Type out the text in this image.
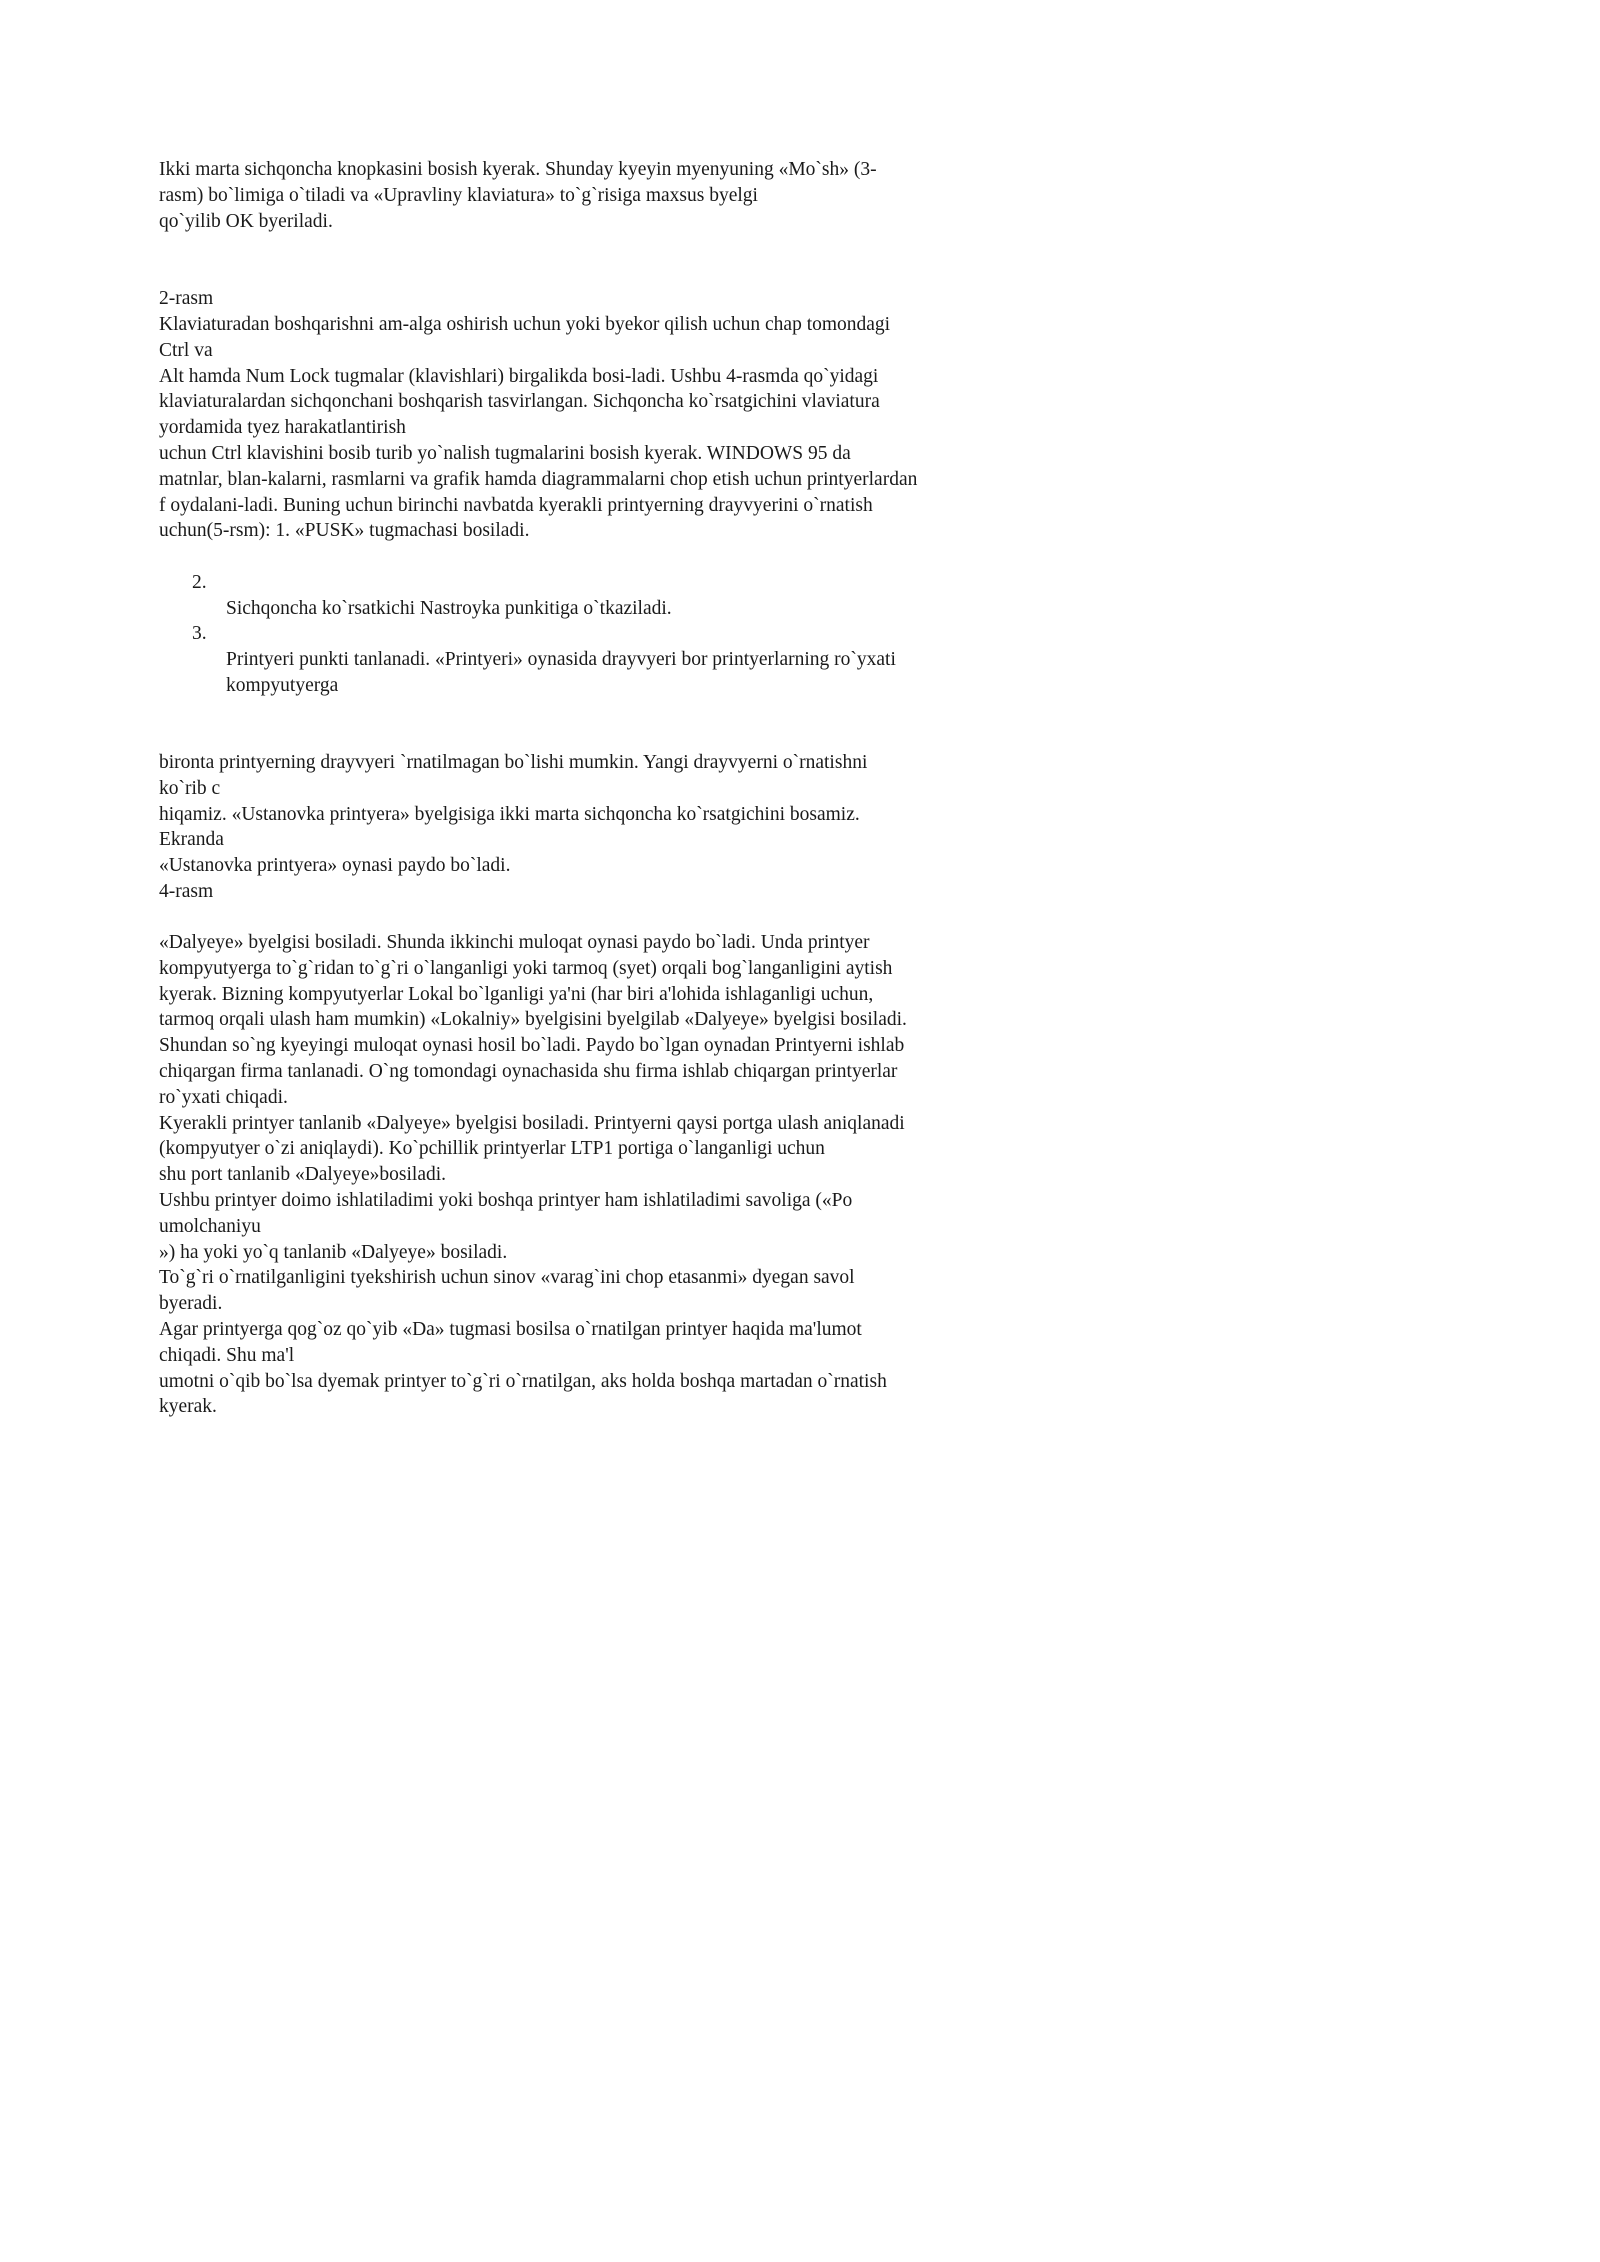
Ikki marta sichqoncha knopkasini bosish kyerak. Shunday kyeyin myenyuning «Mo`sh» (3-
rasm) bo`limiga o`tiladi va «Upravliny klaviatura» to`g`risiga maxsus byelgi
qo`yilib OK byeriladi.
2-rasm
Klaviaturadan boshqarishni am-alga oshirish uchun yoki byekor qilish uchun chap tomondagi
Ctrl va
Alt hamda Num Lock tugmalar (klavishlari) birgalikda bosi-ladi. Ushbu 4-rasmda qo`yidagi
klaviaturalardan sichqonchani boshqarish tasvirlangan. Sichqoncha ko`rsatgichini vlaviatura
yordamida tyez harakatlantirish
uchun Ctrl klavishini bosib turib yo`nalish tugmalarini bosish kyerak. WINDOWS 95 da
matnlar, blan-kalarni, rasmlarni va grafik hamda diagrammalarni chop etish uchun printyerlardan
f oydalani-ladi. Buning uchun birinchi navbatda kyerakli printyerning drayvyerini o`rnatish
uchun(5-rsm): 1. «PUSK» tugmachasi bosiladi.
2.
Sichqoncha ko`rsatkichi Nastroyka punkitiga o`tkaziladi.
3.
Printyeri punkti tanlanadi. «Printyeri» oynasida drayvyeri bor printyerlarning ro`yxati
kompyutyerga
bironta printyerning drayvyeri `rnatilmagan bo`lishi mumkin. Yangi drayvyerni o`rnatishni
ko`rib c
hiqamiz. «Ustanovka printyera» byelgisiga ikki marta sichqoncha ko`rsatgichini bosamiz.
Ekranda
«Ustanovka printyera» oynasi paydo bo`ladi.
4-rasm
«Dalyeye» byelgisi bosiladi. Shunda ikkinchi muloqat oynasi paydo bo`ladi. Unda printyer
kompyutyerga to`g`ridan to`g`ri o`langanligi yoki tarmoq (syet) orqali bog`langanligini aytish
kyerak. Bizning kompyutyerlar Lokal bo`lganligi ya'ni (har biri a'lohida ishlaganligi uchun,
tarmoq orqali ulash ham mumkin) «Lokalniy» byelgisini byelgilab «Dalyeye» byelgisi bosiladi.
Shundan so`ng kyeyingi muloqat oynasi hosil bo`ladi. Paydo bo`lgan oynadan Printyerni ishlab
chiqargan firma tanlanadi. O`ng tomondagi oynachasida shu firma ishlab chiqargan printyerlar
ro`yxati chiqadi.
Kyerakli printyer tanlanib «Dalyeye» byelgisi bosiladi. Printyerni qaysi portga ulash aniqlanadi
(kompyutyer o`zi aniqlaydi). Ko`pchillik printyerlar LTP1 portiga o`langanligi uchun
shu port tanlanib «Dalyeye»bosiladi.
Ushbu printyer doimo ishlatiladimi yoki boshqa printyer ham ishlatiladimi savoliga («Po
umolchaniyu
») ha yoki yo`q tanlanib «Dalyeye» bosiladi.
To`g`ri o`rnatilganligini tyekshirish uchun sinov «varag`ini chop etasanmi» dyegan savol
byeradi.
Agar printyerga qog`oz qo`yib «Da» tugmasi bosilsa o`rnatilgan printyer haqida ma'lumot
chiqadi. Shu ma'l
umotni o`qib bo`lsa dyemak printyer to`g`ri o`rnatilgan, aks holda boshqa martadan o`rnatish
kyerak.
